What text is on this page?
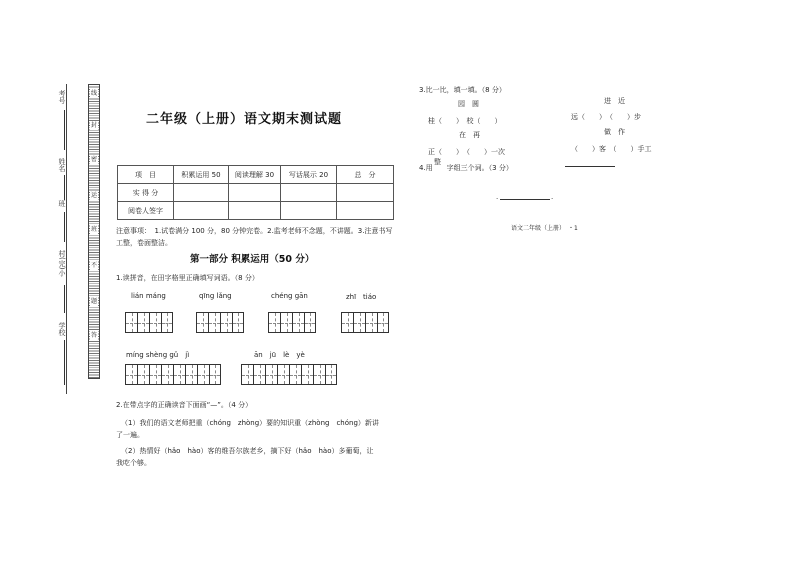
考号
姓名
班
村(完)小
学校
线
封
密
运
班
不
题
答
二年级（上册）语文期末测试题
项　目	积累运用 50	阅读理解 30	写话展示 20	总　分
实 得 分				
阅卷人签字				
注意事项：　1.试卷满分 100 分，80 分钟完卷。2.监考老师不念题，不讲题。3.注意书写工整，卷面整洁。
第一部分 积累运用（50 分）
1.读拼音，在田字格里正确填写词语。（8 分）
lián máng	qīng lǎng	chéng gān	zhī　tiáo
míng shèng gǔ　jì	ān　jū　lè　yè
2.在带点字的正确读音下面画“—”。（4 分）
（1）我们的语文老师把重（chóng　zhòng）要的知识重（zhòng　chóng）新讲
了一遍。
（2）热情好（hǎo　hào）客的维吾尔族老乡，摘下好（hǎo　hào）多葡萄，让
我吃个够。
3.比一比，填一填。（8 分）
园　圆
桂（　　）　校（　　）
在　再
正（　　）　（　　）一次
进　近
远（　　）　（　　）步
做　作
（　　）客　（　　）手工
4.用　　字组三个词。（3 分）
整
.	.
语文二年级（上册）　・1
